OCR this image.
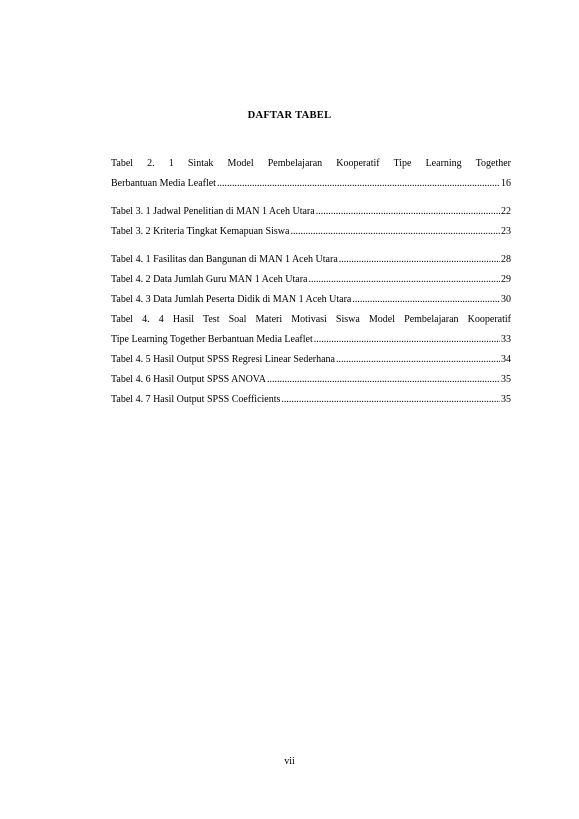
DAFTAR TABEL
Tabel 2. 1 Sintak Model Pembelajaran Kooperatif Tipe Learning Together
Berbantuan Media Leaflet .....	16
Tabel 3. 1 Jadwal Penelitian di MAN 1 Aceh Utara .....	22
Tabel 3. 2 Kriteria Tingkat Kemapuan Siswa .....	23
Tabel 4. 1 Fasilitas dan Bangunan di MAN 1 Aceh Utara .....	28
Tabel 4. 2 Data Jumlah Guru MAN 1 Aceh Utara .....	29
Tabel 4. 3 Data Jumlah Peserta Didik di MAN 1 Aceh Utara .....	30
Tabel 4. 4 Hasil Test Soal Materi Motivasi Siswa Model Pembelajaran Kooperatif
Tipe Learning Together Berbantuan Media Leaflet .....	33
Tabel 4. 5 Hasil Output SPSS Regresi Linear Sederhana .....	34
Tabel 4. 6 Hasil Output SPSS ANOVA .....	35
Tabel 4. 7 Hasil Output SPSS Coefficients .....	35
vii
